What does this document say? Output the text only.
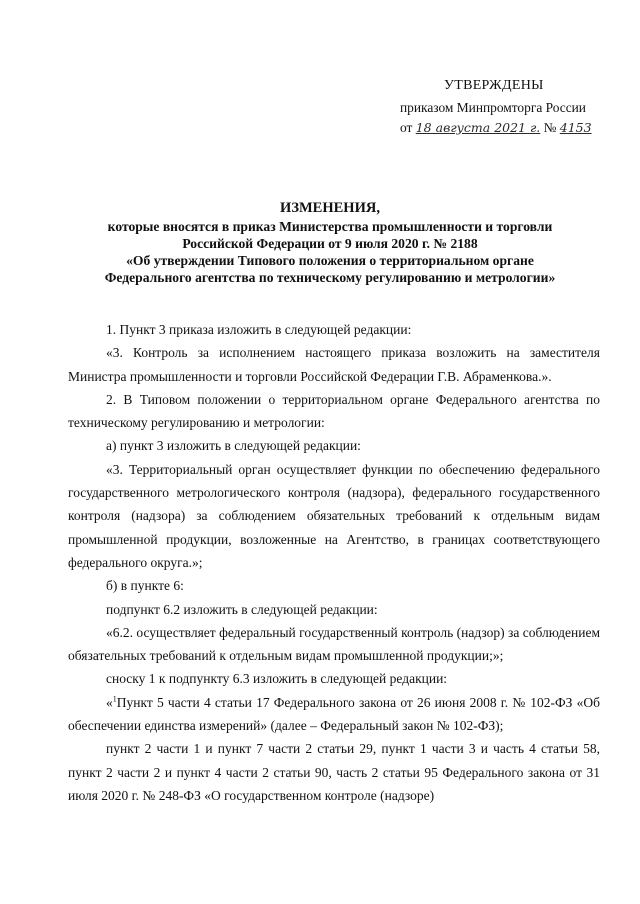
УТВЕРЖДЕНЫ
приказом Минпромторга России
от 18 августа 2021 г. № 4153
ИЗМЕНЕНИЯ,
которые вносятся в приказ Министерства промышленности и торговли
Российской Федерации от 9 июля 2020 г. № 2188
«Об утверждении Типового положения о территориальном органе
Федерального агентства по техническому регулированию и метрологии»

1. Пункт 3 приказа изложить в следующей редакции:

«3. Контроль за исполнением настоящего приказа возложить на заместителя Министра промышленности и торговли Российской Федерации Г.В. Абраменкова.».

2. В Типовом положении о территориальном органе Федерального агентства по техническому регулированию и метрологии:

а) пункт 3 изложить в следующей редакции:

«3. Территориальный орган осуществляет функции по обеспечению федерального государственного метрологического контроля (надзора), федерального государственного контроля (надзора) за соблюдением обязательных требований к отдельным видам промышленной продукции, возложенные на Агентство, в границах соответствующего федерального округа.»;

б) в пункте 6:

подпункт 6.2 изложить в следующей редакции:

«6.2. осуществляет федеральный государственный контроль (надзор) за соблюдением обязательных требований к отдельным видам промышленной продукции;»;

сноску 1 к подпункту 6.3 изложить в следующей редакции:

«$^1$Пункт 5 части 4 статьи 17 Федерального закона от 26 июня 2008 г. № 102-ФЗ «Об обеспечении единства измерений» (далее – Федеральный закон № 102-ФЗ);

пункт 2 части 1 и пункт 7 части 2 статьи 29, пункт 1 части 3 и часть 4 статьи 58, пункт 2 части 2 и пункт 4 части 2 статьи 90, часть 2 статьи 95 Федерального закона от 31 июля 2020 г. № 248-ФЗ «О государственном контроле (надзоре)
